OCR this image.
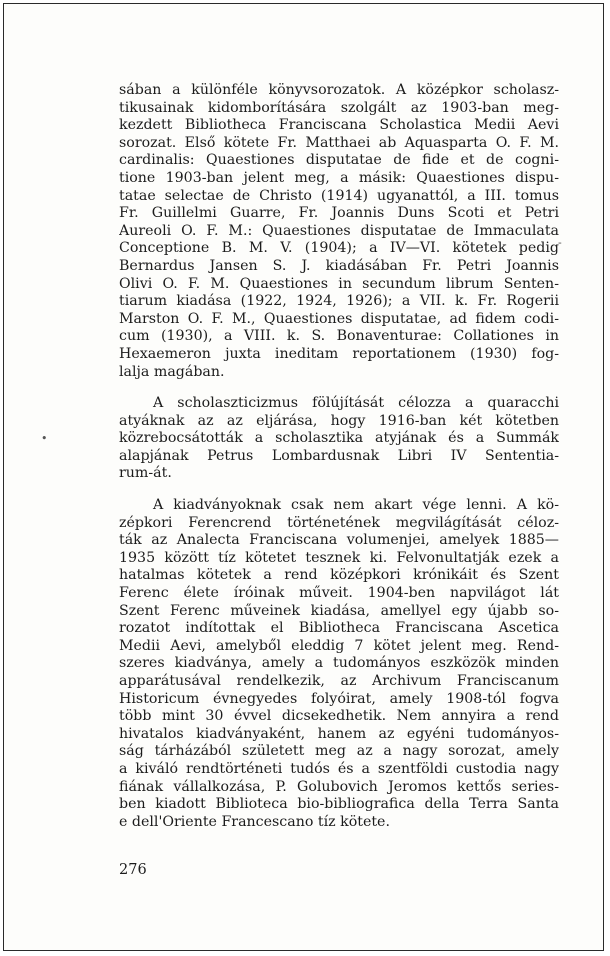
-
•
sában a különféle könyvsorozatok. A középkor scholasz-
tikusainak kidomborítására szolgált az 1903-ban meg-
kezdett Bibliotheca Franciscana Scholastica Medii Aevi
sorozat. Első kötete Fr. Matthaei ab Aquasparta O. F. M.
cardinalis: Quaestiones disputatae de fide et de cogni-
tione 1903-ban jelent meg, a másik: Quaestiones dispu-
tatae selectae de Christo (1914) ugyanattól, a III. tomus
Fr. Guillelmi Guarre, Fr. Joannis Duns Scoti et Petri
Aureoli O. F. M.: Quaestiones disputatae de Immaculata
Conceptione B. M. V. (1904); a IV—VI. kötetek pedig
Bernardus Jansen S. J. kiadásában Fr. Petri Joannis
Olivi O. F. M. Quaestiones in secundum librum Senten-
tiarum kiadása (1922, 1924, 1926); a VII. k. Fr. Rogerii
Marston O. F. M., Quaestiones disputatae, ad fidem codi-
cum (1930), a VIII. k. S. Bonaventurae: Collationes in
Hexaemeron juxta ineditam reportationem (1930) fog-
lalja magában.
A scholaszticizmus fölújítását célozza a quaracchi
atyáknak az az eljárása, hogy 1916-ban két kötetben
közrebocsátották a scholasztika atyjának és a Summák
alapjának Petrus Lombardusnak Libri IV Sententia-
rum-át.
A kiadványoknak csak nem akart vége lenni. A kö-
zépkori Ferencrend történetének megvilágítását céloz-
ták az Analecta Franciscana volumenjei, amelyek 1885—
1935 között tíz kötetet tesznek ki. Felvonultatják ezek a
hatalmas kötetek a rend középkori krónikáit és Szent
Ferenc élete íróinak műveit. 1904-ben napvilágot lát
Szent Ferenc műveinek kiadása, amellyel egy újabb so-
rozatot indítottak el Bibliotheca Franciscana Ascetica
Medii Aevi, amelyből eleddig 7 kötet jelent meg. Rend-
szeres kiadványa, amely a tudományos eszközök minden
apparátusával rendelkezik, az Archivum Franciscanum
Historicum évnegyedes folyóirat, amely 1908-tól fogva
több mint 30 évvel dicsekedhetik. Nem annyira a rend
hivatalos kiadványaként, hanem az egyéni tudományos-
ság tárházából született meg az a nagy sorozat, amely
a kiváló rendtörténeti tudós és a szentföldi custodia nagy
fiának vállalkozása, P. Golubovich Jeromos kettős series-
ben kiadott Biblioteca bio-bibliografica della Terra Santa
e dell'Oriente Francescano tíz kötete.
276
